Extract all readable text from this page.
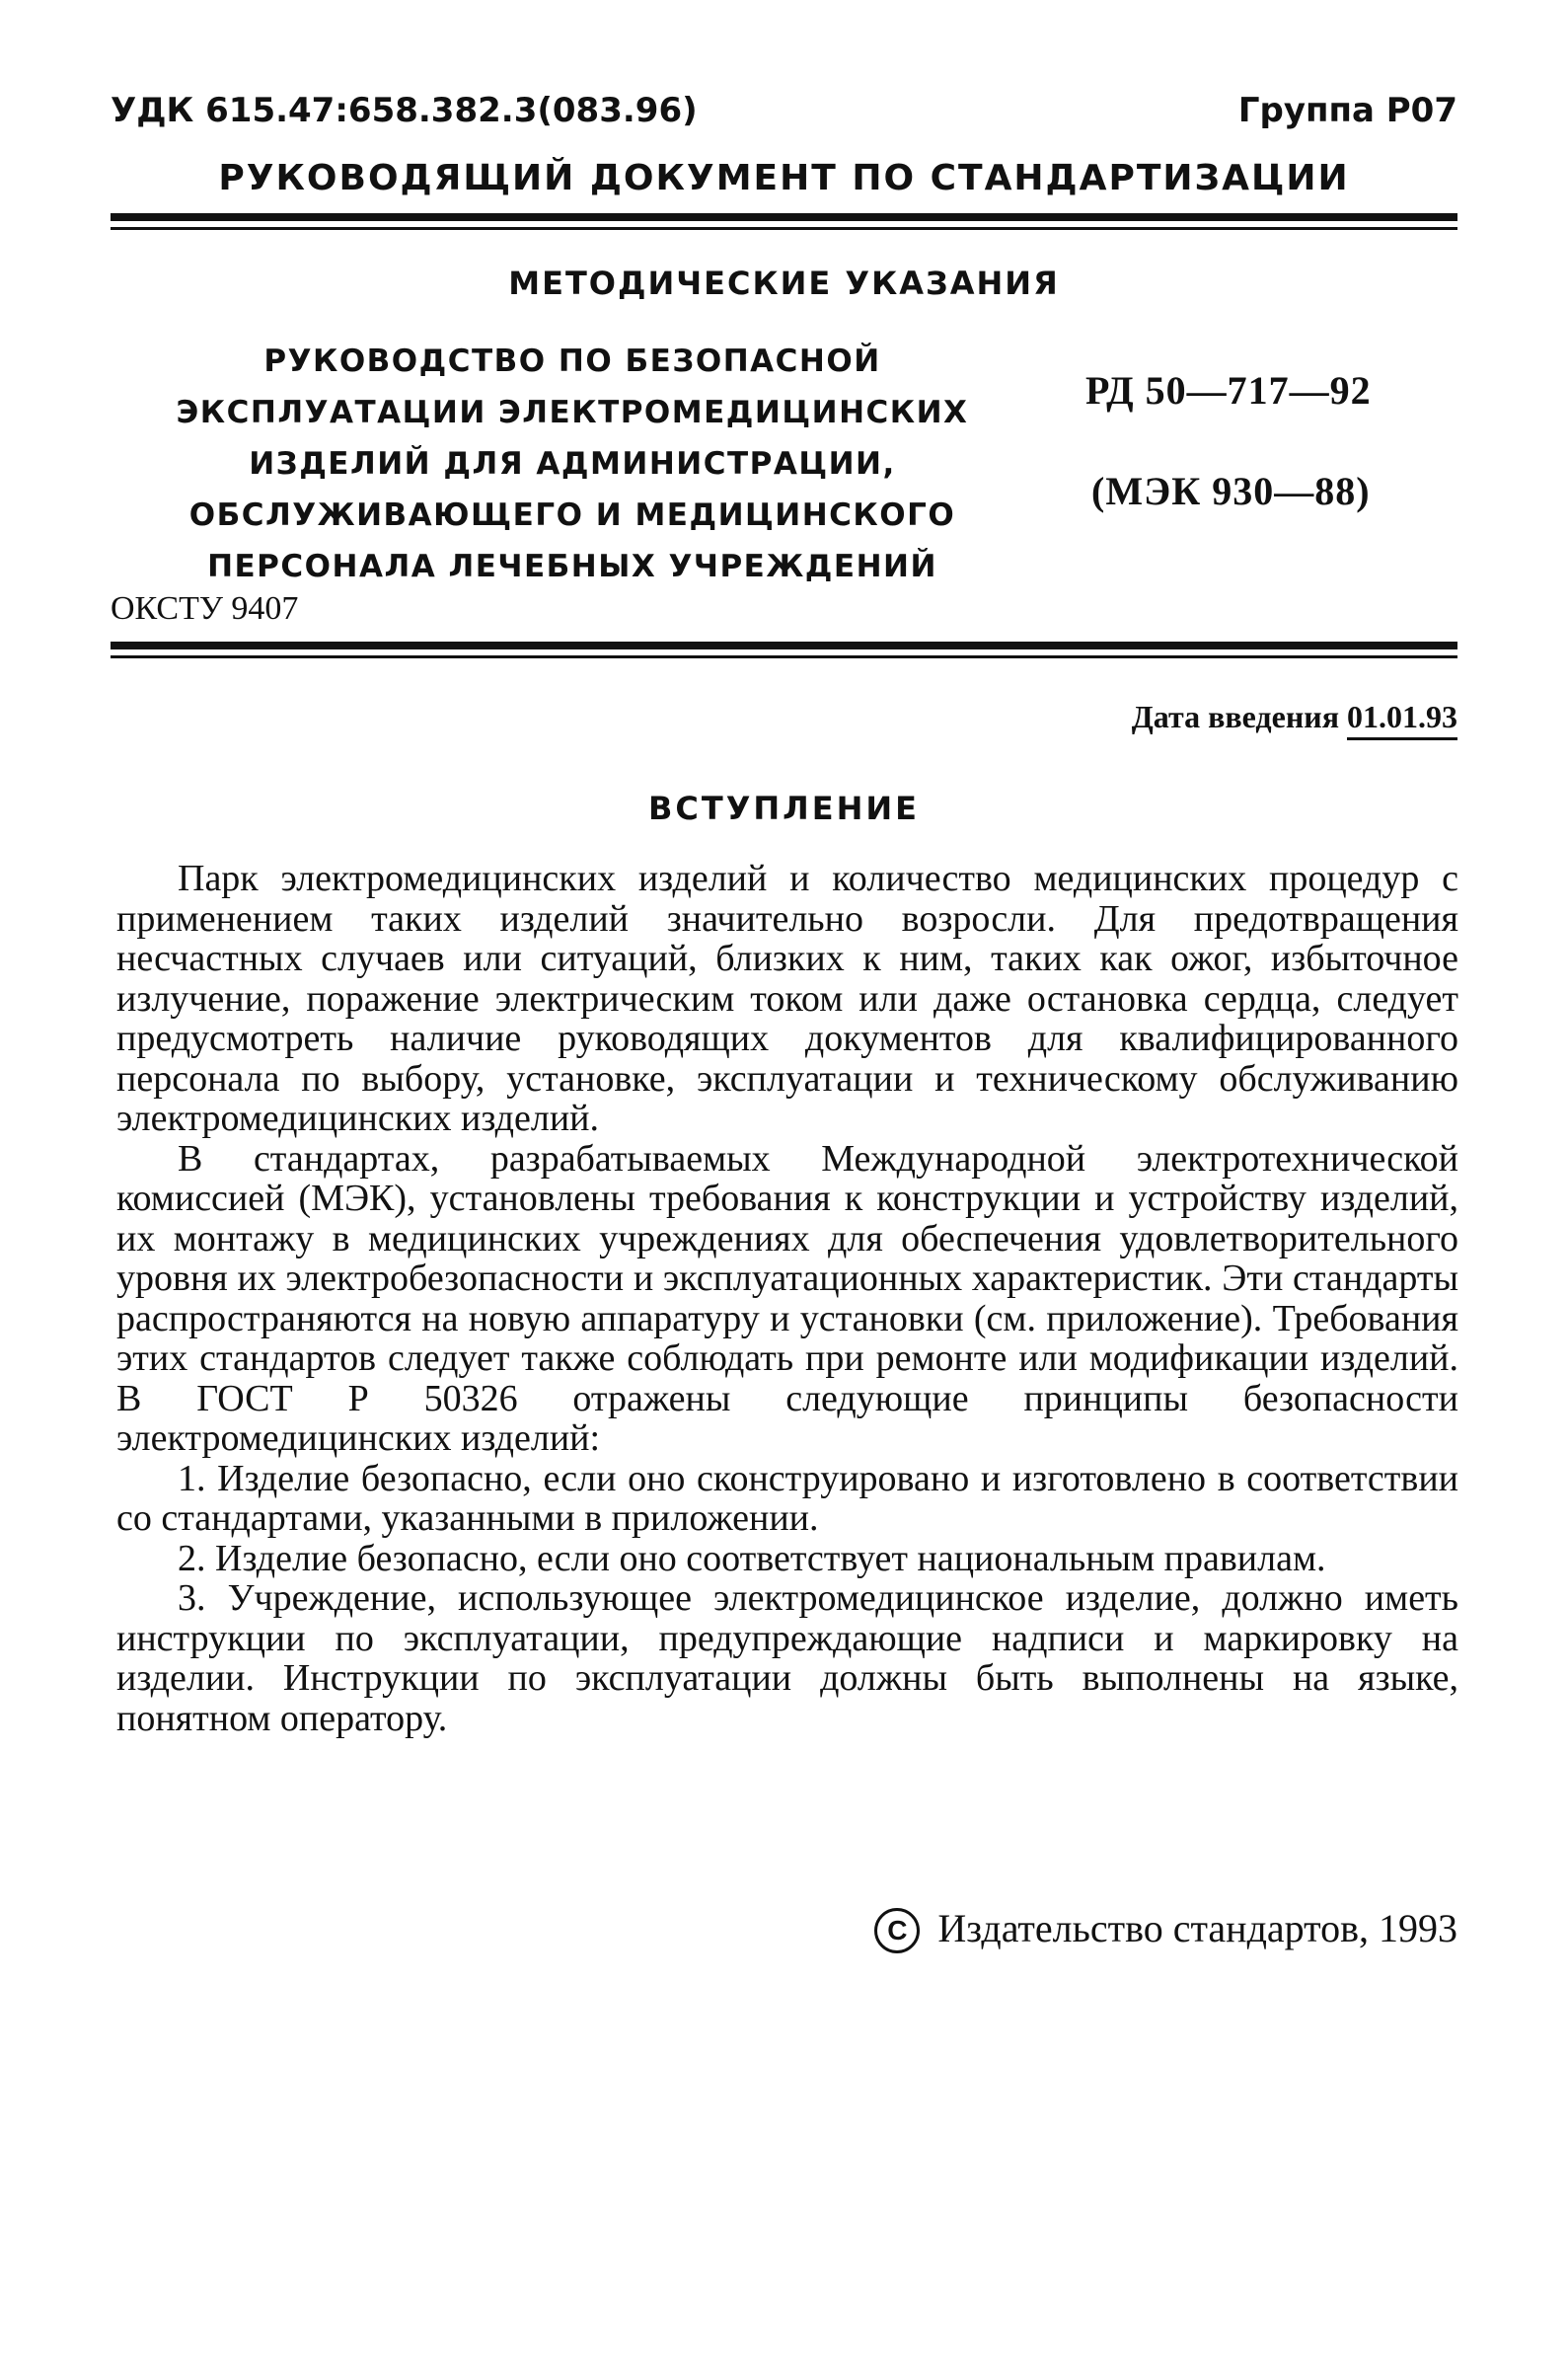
УДК 615.47:658.382.3(083.96)	Группа Р07
РУКОВОДЯЩИЙ ДОКУМЕНТ ПО СТАНДАРТИЗАЦИИ
МЕТОДИЧЕСКИЕ УКАЗАНИЯ
РУКОВОДСТВО ПО БЕЗОПАСНОЙ
ЭКСПЛУАТАЦИИ ЭЛЕКТРОМЕДИЦИНСКИХ
ИЗДЕЛИЙ ДЛЯ АДМИНИСТРАЦИИ,
ОБСЛУЖИВАЮЩЕГО И МЕДИЦИНСКОГО
ПЕРСОНАЛА ЛЕЧЕБНЫХ УЧРЕЖДЕНИЙ
РД 50—717—92
(МЭК 930—88)
ОКСТУ 9407
Дата введения 01.01.93
ВСТУПЛЕНИЕ

Парк электромедицинских изделий и количество медицинских процедур с применением таких изделий значительно возросли. Для предотвращения несчастных случаев или ситуаций, близких к ним, таких как ожог, избыточное излучение, поражение электрическим током или даже остановка сердца, следует предусмотреть наличие руководящих документов для квалифицированного персонала по выбору, установке, эксплуатации и техническому обслуживанию электромедицинских изделий.

В стандартах, разрабатываемых Международной электротехнической комиссией (МЭК), установлены требования к конструкции и устройству изделий, их монтажу в медицинских учреждениях для обеспечения удовлетворительного уровня их электробезопасности и эксплуатационных характеристик. Эти стандарты распространяются на новую аппаратуру и установки (см. приложение). Требования этих стандартов следует также соблюдать при ремонте или модификации изделий. В ГОСТ Р 50326 отражены следующие принципы безопасности электромедицинских изделий:

1. Изделие безопасно, если оно сконструировано и изготовлено в соответствии со стандартами, указанными в приложении.

2. Изделие безопасно, если оно соответствует национальным правилам.

3. Учреждение, использующее электромедицинское изделие, должно иметь инструкции по эксплуатации, предупреждающие надписи и маркировку на изделии. Инструкции по эксплуатации должны быть выполнены на языке, понятном оператору.

С Издательство стандартов, 1993
